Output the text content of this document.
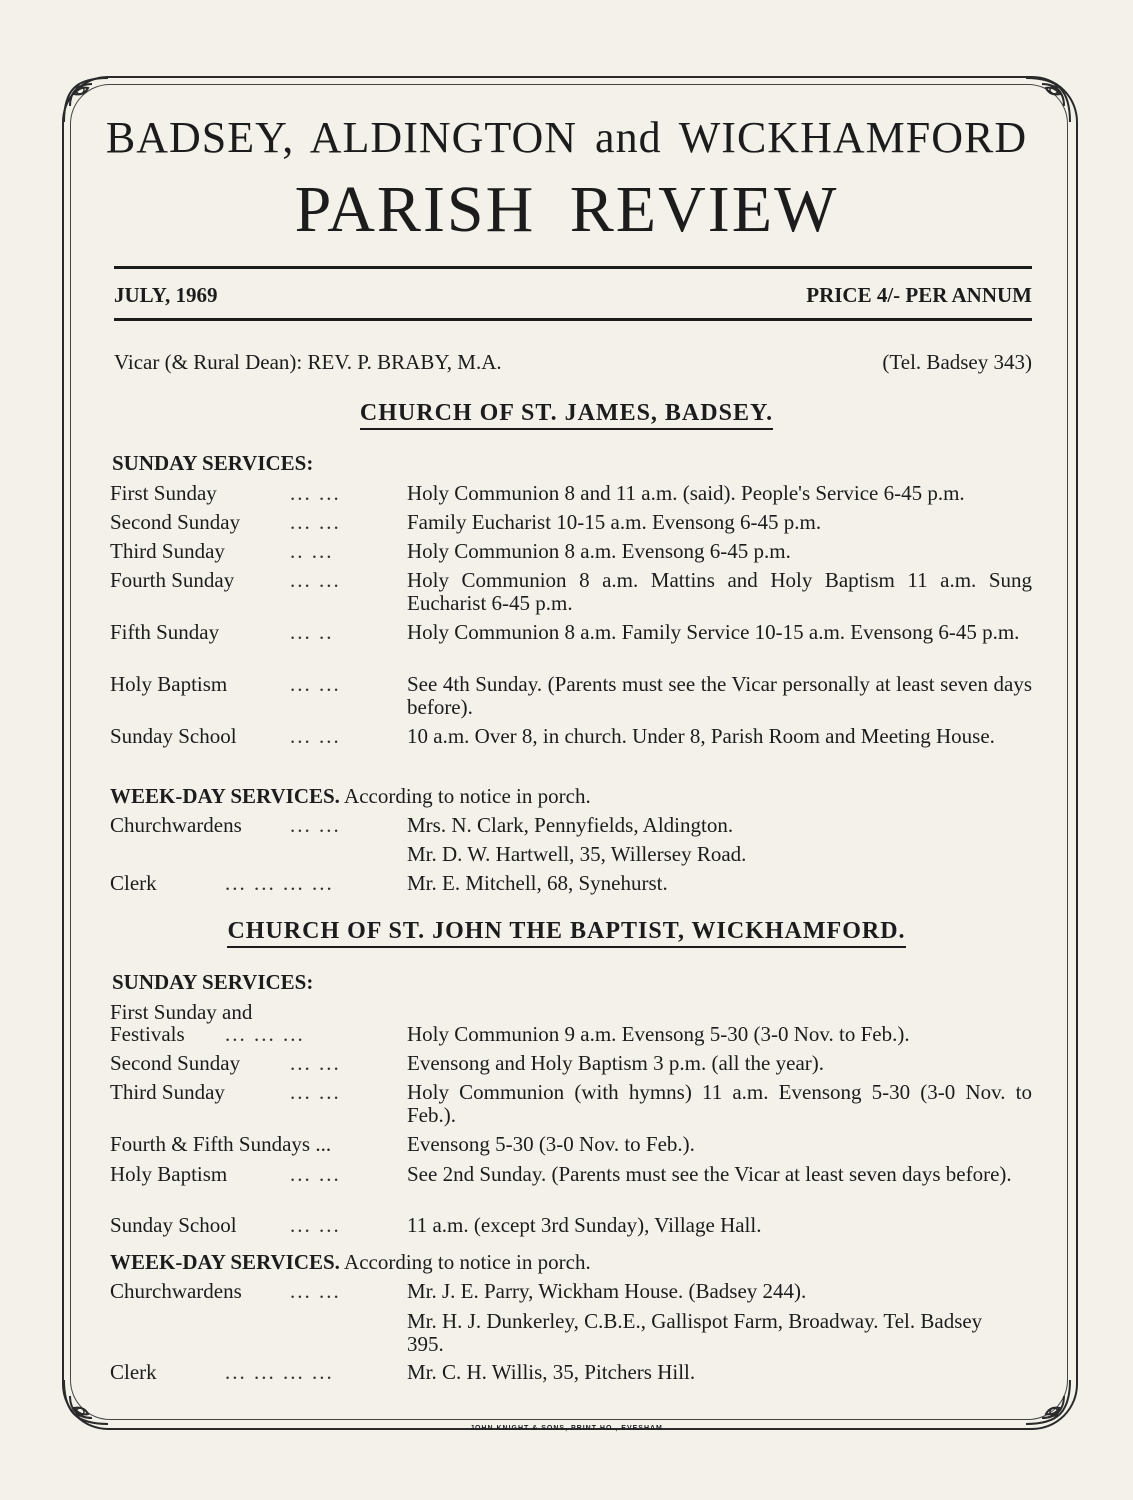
BADSEY, ALDINGTON and WICKHAMFORD
PARISH REVIEW
JULY, 1969	PRICE 4/- PER ANNUM
Vicar (& Rural Dean): REV. P. BRABY, M.A.	(Tel. Badsey 343)
CHURCH OF ST. JAMES, BADSEY.
SUNDAY SERVICES:
First Sunday	... ...	Holy Communion 8 and 11 a.m. (said). People's Service 6-45 p.m.
Second Sunday	... ...	Family Eucharist 10-15 a.m. Evensong 6-45 p.m.
Third Sunday	.. ...	Holy Communion 8 a.m. Evensong 6-45 p.m.
Fourth Sunday	... ...	Holy Communion 8 a.m. Mattins and Holy Baptism 11 a.m. Sung Eucharist 6-45 p.m.
Fifth Sunday	... ..	Holy Communion 8 a.m. Family Service 10-15 a.m. Evensong 6-45 p.m.
Holy Baptism	... ...	See 4th Sunday. (Parents must see the Vicar personally at least seven days before).
Sunday School	... ...	10 a.m. Over 8, in church. Under 8, Parish Room and Meeting House.
WEEK-DAY SERVICES. According to notice in porch.
Churchwardens	... ...	Mrs. N. Clark, Pennyfields, Aldington.
Mr. D. W. Hartwell, 35, Willersey Road.
Clerk	... ... ... ...	Mr. E. Mitchell, 68, Synehurst.
CHURCH OF ST. JOHN THE BAPTIST, WICKHAMFORD.
SUNDAY SERVICES:
First Sunday and
Festivals	... ... ...	Holy Communion 9 a.m. Evensong 5-30 (3-0 Nov. to Feb.).
Second Sunday	... ...	Evensong and Holy Baptism 3 p.m. (all the year).
Third Sunday	... ...	Holy Communion (with hymns) 11 a.m. Evensong 5-30 (3-0 Nov. to Feb.).
Fourth & Fifth Sundays ...	Evensong 5-30 (3-0 Nov. to Feb.).
Holy Baptism	... ...	See 2nd Sunday. (Parents must see the Vicar at least seven days before).
Sunday School	... ...	11 a.m. (except 3rd Sunday), Village Hall.
WEEK-DAY SERVICES. According to notice in porch.
Churchwardens	... ...	Mr. J. E. Parry, Wickham House. (Badsey 244).
Mr. H. J. Dunkerley, C.B.E., Gallispot Farm, Broadway. Tel. Badsey 395.
Clerk	... ... ... ...	Mr. C. H. Willis, 35, Pitchers Hill.
JOHN KNIGHT & SONS, PRINT HO., EVESHAM
